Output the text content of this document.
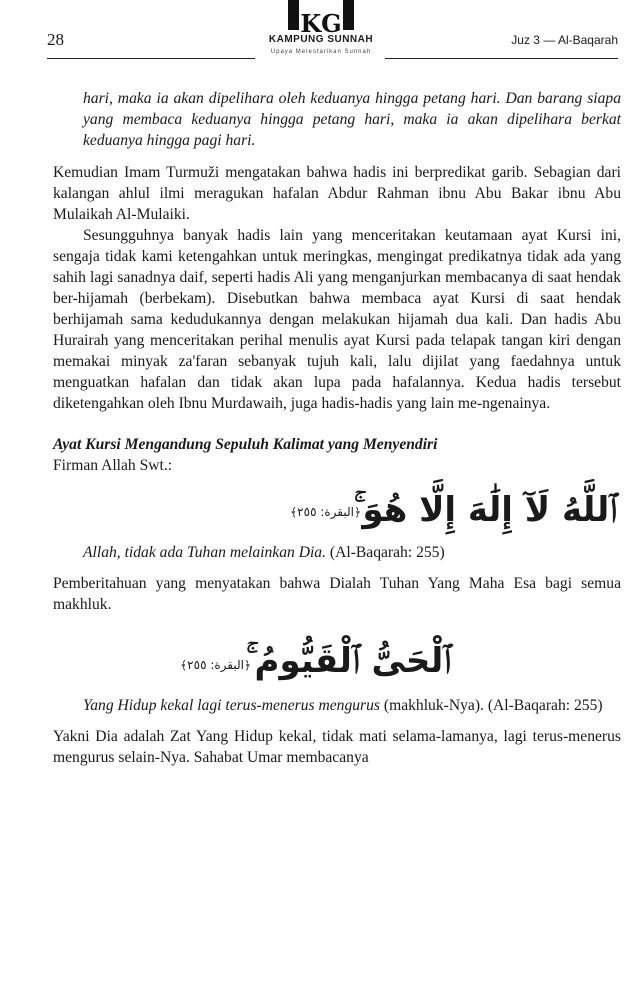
28
KG
KAMPUNG SUNNAH
Upaya Melestarikan Sunnah
Juz 3 — Al-Baqarah

hari, maka ia akan dipelihara oleh keduanya hingga petang hari. Dan barang siapa yang membaca keduanya hingga petang hari, maka ia akan dipelihara berkat keduanya hingga pagi hari.

Kemudian Imam Turmuži mengatakan bahwa hadis ini berpredikat garib. Sebagian dari kalangan ahlul ilmi meragukan hafalan Abdur Rahman ibnu Abu Bakar ibnu Abu Mulaikah Al-Mulaiki.

Sesungguhnya banyak hadis lain yang menceritakan keutamaan ayat Kursi ini, sengaja tidak kami ketengahkan untuk meringkas, mengingat predikatnya tidak ada yang sahih lagi sanadnya daif, seperti hadis Ali yang menganjurkan membacanya di saat hendak ber-hijamah (berbekam). Disebutkan bahwa membaca ayat Kursi di saat hendak berhijamah sama kedudukannya dengan melakukan hijamah dua kali. Dan hadis Abu Hurairah yang menceritakan perihal menulis ayat Kursi pada telapak tangan kiri dengan memakai minyak za'faran sebanyak tujuh kali, lalu dijilat yang faedahnya untuk menguatkan hafalan dan tidak akan lupa pada hafalannya. Kedua hadis tersebut diketengahkan oleh Ibnu Murdawaih, juga hadis-hadis yang lain me-ngenainya.

Ayat Kursi Mengandung Sepuluh Kalimat yang Menyendiri

Firman Allah Swt.:

ٱللَّهُ لَآ إِلَٰهَ إِلَّا هُوَ ۚ
﴿البقرة: ٢٥٥﴾

Allah, tidak ada Tuhan melainkan Dia. (Al-Baqarah: 255)

Pemberitahuan yang menyatakan bahwa Dialah Tuhan Yang Maha Esa bagi semua makhluk.

ٱلْحَىُّ ٱلْقَيُّومُ ۚ
﴿البقرة: ٢٥٥﴾

Yang Hidup kekal lagi terus-menerus mengurus (makhluk-Nya). (Al-Baqarah: 255)

Yakni Dia adalah Zat Yang Hidup kekal, tidak mati selama-lamanya, lagi terus-menerus mengurus selain-Nya. Sahabat Umar membacanya
